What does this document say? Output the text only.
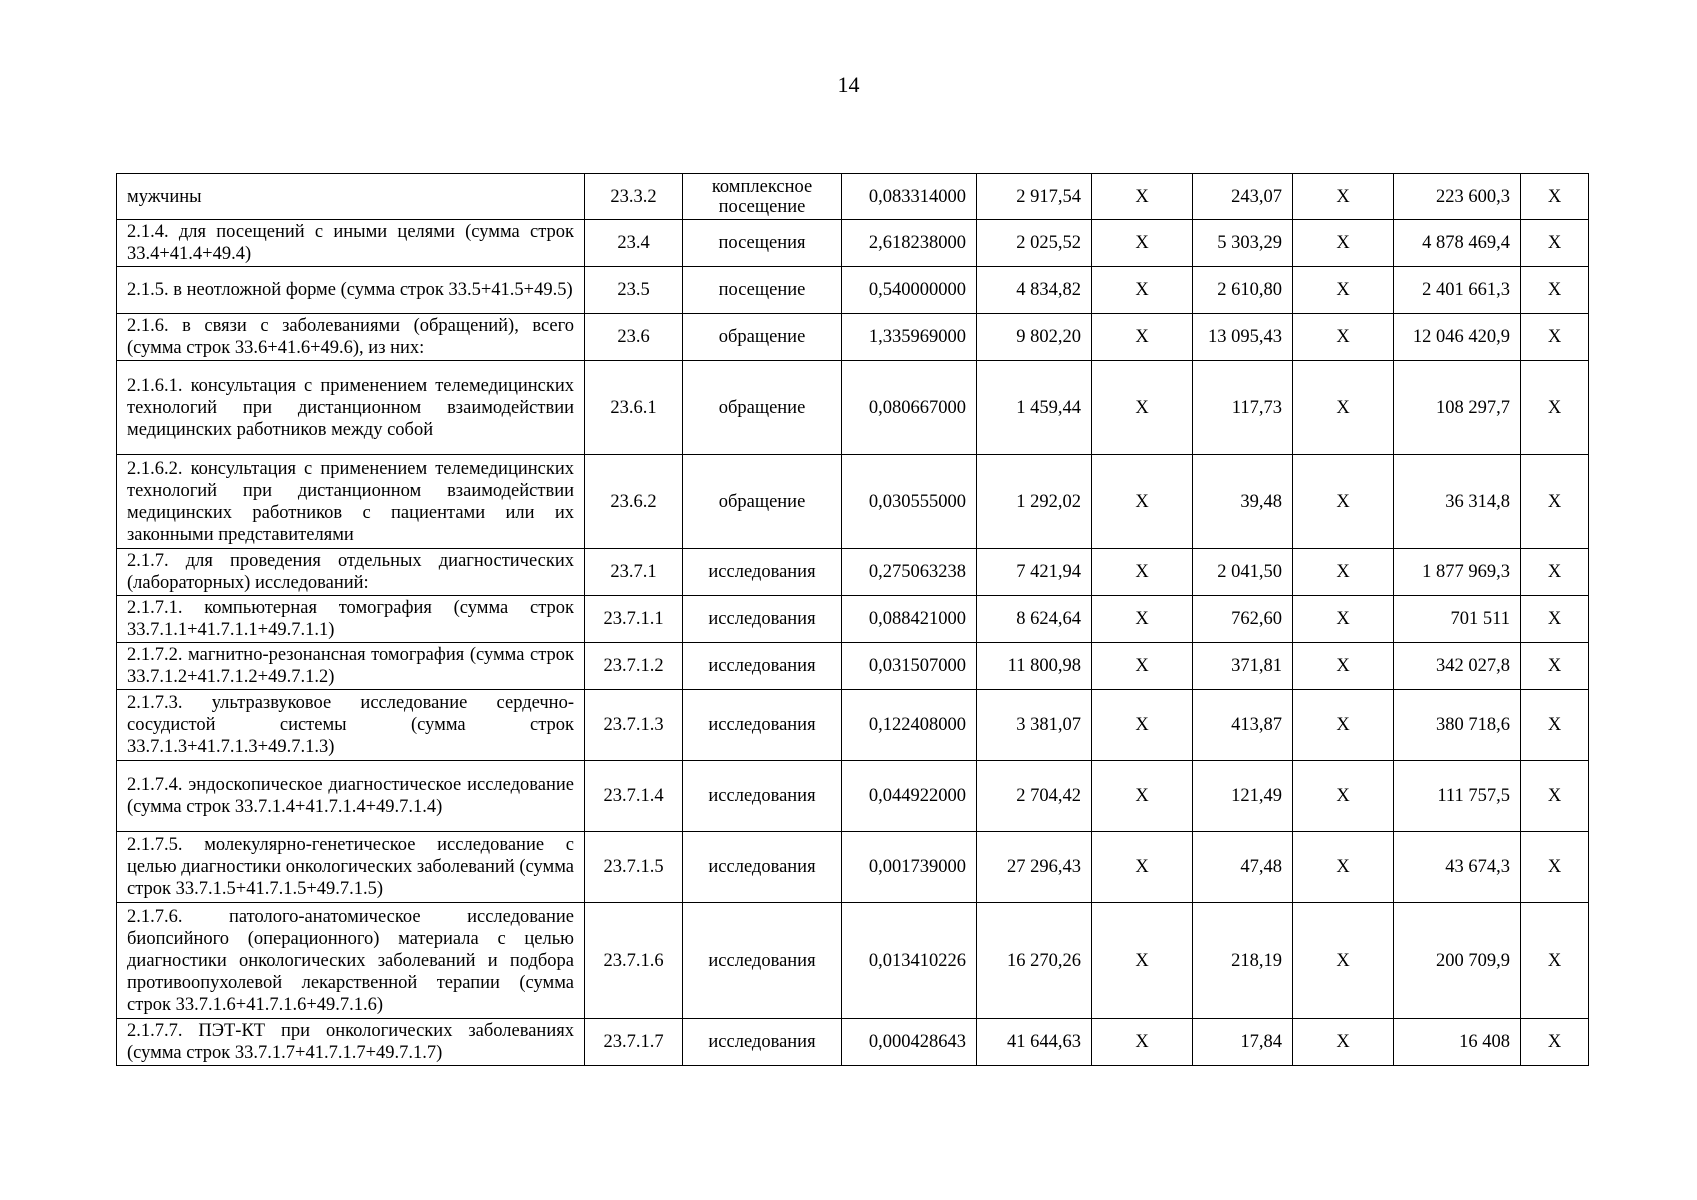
14
мужчины	23.3.2	комплексное посещение	0,083314000	2 917,54	X	243,07	X	223 600,3	X
2.1.4. для посещений с иными целями (сумма строк 33.4+41.4+49.4)	23.4	посещения	2,618238000	2 025,52	X	5 303,29	X	4 878 469,4	X
2.1.5. в неотложной форме (сумма строк 33.5+41.5+49.5)	23.5	посещение	0,540000000	4 834,82	X	2 610,80	X	2 401 661,3	X
2.1.6. в связи с заболеваниями (обращений), всего (сумма строк 33.6+41.6+49.6), из них:	23.6	обращение	1,335969000	9 802,20	X	13 095,43	X	12 046 420,9	X
2.1.6.1. консультация с применением телемедицинских технологий при дистанционном взаимодействии медицинских работников между собой	23.6.1	обращение	0,080667000	1 459,44	X	117,73	X	108 297,7	X
2.1.6.2. консультация с применением телемедицинских технологий при дистанционном взаимодействии медицинских работников с пациентами или их законными представителями	23.6.2	обращение	0,030555000	1 292,02	X	39,48	X	36 314,8	X
2.1.7. для проведения отдельных диагностических (лабораторных) исследований:	23.7.1	исследования	0,275063238	7 421,94	X	2 041,50	X	1 877 969,3	X
2.1.7.1. компьютерная томография (сумма строк 33.7.1.1+41.7.1.1+49.7.1.1)	23.7.1.1	исследования	0,088421000	8 624,64	X	762,60	X	701 511	X
2.1.7.2. магнитно-резонансная томография (сумма строк 33.7.1.2+41.7.1.2+49.7.1.2)	23.7.1.2	исследования	0,031507000	11 800,98	X	371,81	X	342 027,8	X
2.1.7.3. ультразвуковое исследование сердечно-сосудистой системы (сумма строк 33.7.1.3+41.7.1.3+49.7.1.3)	23.7.1.3	исследования	0,122408000	3 381,07	X	413,87	X	380 718,6	X
2.1.7.4. эндоскопическое диагностическое исследование (сумма строк 33.7.1.4+41.7.1.4+49.7.1.4)	23.7.1.4	исследования	0,044922000	2 704,42	X	121,49	X	111 757,5	X
2.1.7.5. молекулярно-генетическое исследование с целью диагностики онкологических заболеваний (сумма строк 33.7.1.5+41.7.1.5+49.7.1.5)	23.7.1.5	исследования	0,001739000	27 296,43	X	47,48	X	43 674,3	X
2.1.7.6. патолого-анатомическое исследование биопсийного (операционного) материала с целью диагностики онкологических заболеваний и подбора противоопухолевой лекарственной терапии (сумма строк 33.7.1.6+41.7.1.6+49.7.1.6)	23.7.1.6	исследования	0,013410226	16 270,26	X	218,19	X	200 709,9	X
2.1.7.7. ПЭТ-КТ при онкологических заболеваниях (сумма строк 33.7.1.7+41.7.1.7+49.7.1.7)	23.7.1.7	исследования	0,000428643	41 644,63	X	17,84	X	16 408	X
